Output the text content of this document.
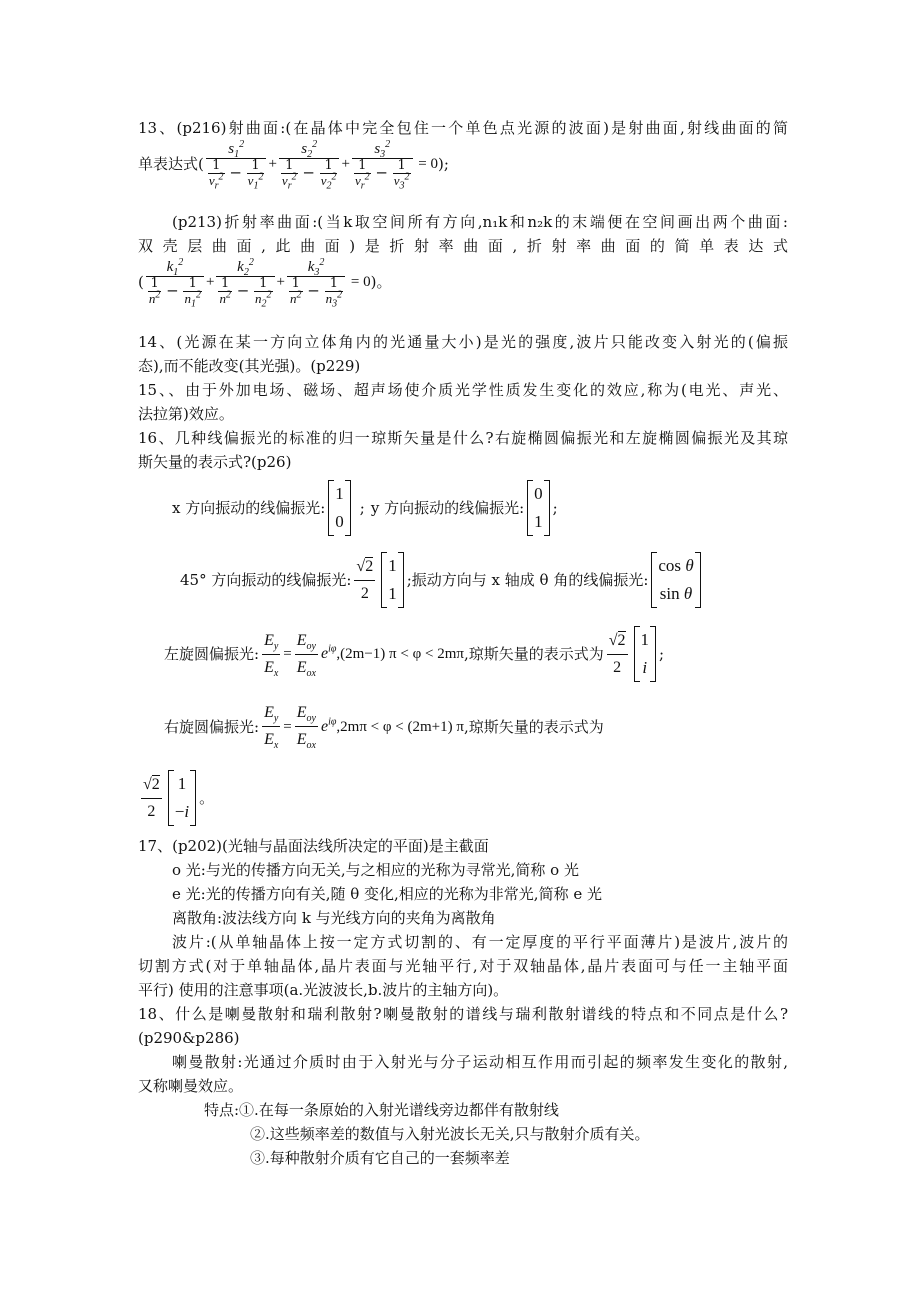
13、(p216)射曲面:(在晶体中完全包住一个单色点光源的波面)是射曲面,射线曲面的简

单表达式( $\frac{s_1^2}{\frac{1}{v_r^2} - \frac{1}{v_1^2}} + \frac{s_2^2}{\frac{1}{v_r^2} - \frac{1}{v_2^2}} + \frac{s_3^2}{\frac{1}{v_r^2} - \frac{1}{v_3^2}} = 0$ );

(p213)折射率曲面:(当k取空间所有方向,n₁k和n₂k的末端便在空间画出两个曲面:

双壳层曲面,此曲面)是折射率曲面,折射率曲面的简单表达式

( $\frac{k_1^2}{\frac{1}{n^2} - \frac{1}{n_1^2}} + \frac{k_2^2}{\frac{1}{n^2} - \frac{1}{n_2^2}} + \frac{k_3^2}{\frac{1}{n^2} - \frac{1}{n_3^2}} = 0$ )。

14、(光源在某一方向立体角内的光通量大小)是光的强度,波片只能改变入射光的(偏振

态),而不能改变(其光强)。(p229)

15、、由于外加电场、磁场、超声场使介质光学性质发生变化的效应,称为(电光、声光、

法拉第)效应。

16、几种线偏振光的标准的归一琼斯矢量是什么?右旋椭圆偏振光和左旋椭圆偏振光及其琼

斯矢量的表示式?(p26)

x 方向振动的线偏振光:
1
0
; y 方向振动的线偏振光:
0
1
;
45° 方向振动的线偏振光:
√2
2
1
1
; 振动方向与 x 轴成 θ 角的线偏振光:
cos θ
sin θ
左旋圆偏振光: $\frac{E_y}{E_x}$ =
$E_{oy}$
$E_{ox}$
$e^{i\varphi}$ ,(2m−1) π < φ < 2mπ ,琼斯矢量的表示式为
√2
2
1
i
;
右旋圆偏振光: $\frac{E_y}{E_x}$ =
$E_{oy}$
$E_{ox}$
$e^{i\varphi}$ ,2mπ < φ < (2m+1) π ,琼斯矢量的表示式为
√2
2
1
−i
。

17、(p202)(光轴与晶面法线所决定的平面)是主截面

o 光:与光的传播方向无关,与之相应的光称为寻常光,简称 o 光

e 光:光的传播方向有关,随 θ 变化,相应的光称为非常光,简称 e 光

离散角:波法线方向 k 与光线方向的夹角为离散角

波片:(从单轴晶体上按一定方式切割的、有一定厚度的平行平面薄片)是波片,波片的

切割方式(对于单轴晶体,晶片表面与光轴平行,对于双轴晶体,晶片表面可与任一主轴平面

平行) 使用的注意事项(a.光波波长,b.波片的主轴方向)。

18、什么是喇曼散射和瑞利散射?喇曼散射的谱线与瑞利散射谱线的特点和不同点是什么?

(p290&p286)

喇曼散射:光通过介质时由于入射光与分子运动相互作用而引起的频率发生变化的散射,

又称喇曼效应。

特点:①.在每一条原始的入射光谱线旁边都伴有散射线

②.这些频率差的数值与入射光波长无关,只与散射介质有关。

③.每种散射介质有它自己的一套频率差
